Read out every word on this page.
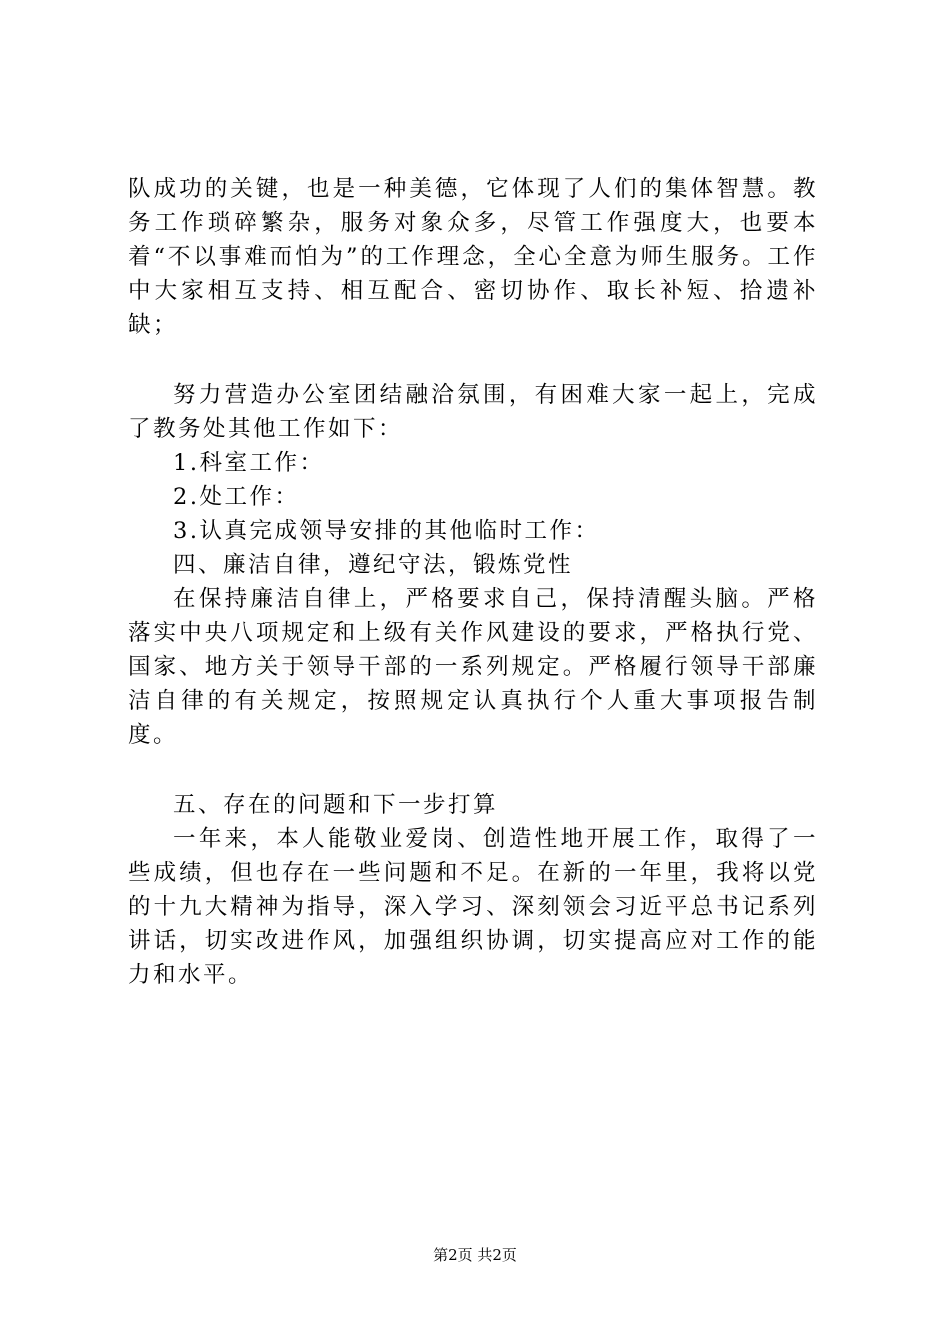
队成功的关键，也是一种美德，它体现了人们的集体智慧。教务工作琐碎繁杂，服务对象众多，尽管工作强度大，也要本着“不以事难而怕为”的工作理念，全心全意为师生服务。工作中大家相互支持、相互配合、密切协作、取长补短、拾遗补缺；

努力营造办公室团结融洽氛围，有困难大家一起上，完成了教务处其他工作如下：

1.科室工作：

2.处工作：

3.认真完成领导安排的其他临时工作：

四、廉洁自律，遵纪守法，锻炼党性

在保持廉洁自律上，严格要求自己，保持清醒头脑。严格落实中央八项规定和上级有关作风建设的要求，严格执行党、国家、地方关于领导干部的一系列规定。严格履行领导干部廉洁自律的有关规定，按照规定认真执行个人重大事项报告制度。

五、存在的问题和下一步打算

一年来，本人能敬业爱岗、创造性地开展工作，取得了一些成绩，但也存在一些问题和不足。在新的一年里，我将以党的十九大精神为指导，深入学习、深刻领会习近平总书记系列讲话，切实改进作风，加强组织协调，切实提高应对工作的能力和水平。

第2页 共2页
